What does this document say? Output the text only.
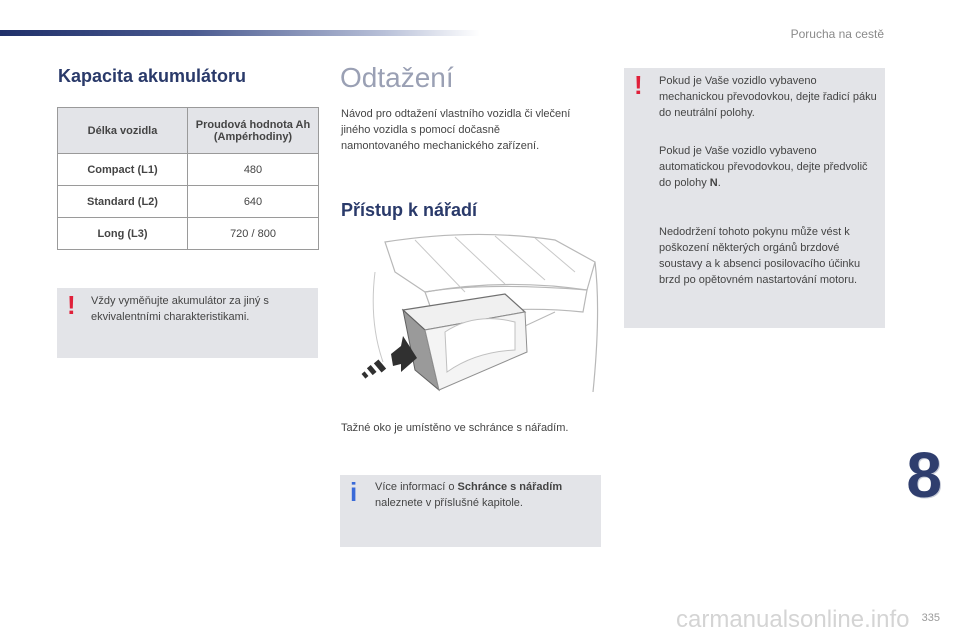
Porucha na cestě
Kapacita akumulátoru
Délka vozidla	Proudová hodnota Ah (Ampérhodiny)
Compact (L1)	480
Standard (L2)	640
Long (L3)	720 / 800
! Vždy vyměňujte akumulátor za jiný s ekvivalentními charakteristikami.

Odtažení

Návod pro odtažení vlastního vozidla či vlečení jiného vozidla s pomocí dočasně namontovaného mechanického zařízení.

Přístup k nářadí

Tažné oko je umístěno ve schránce s nářadím.

i Více informací o Schránce s nářadím
naleznete v příslušné kapitole.

! Pokud je Vaše vozidlo vybaveno mechanickou převodovkou, dejte řadicí páku do neutrální polohy.

Pokud je Vaše vozidlo vybaveno automatickou převodovkou, dejte předvolič do polohy N.

Nedodržení tohoto pokynu může vést k poškození některých orgánů brzdové soustavy a k absenci posilovacího účinku brzd po opětovném nastartování motoru.

8
335
carmanualsonline.info
